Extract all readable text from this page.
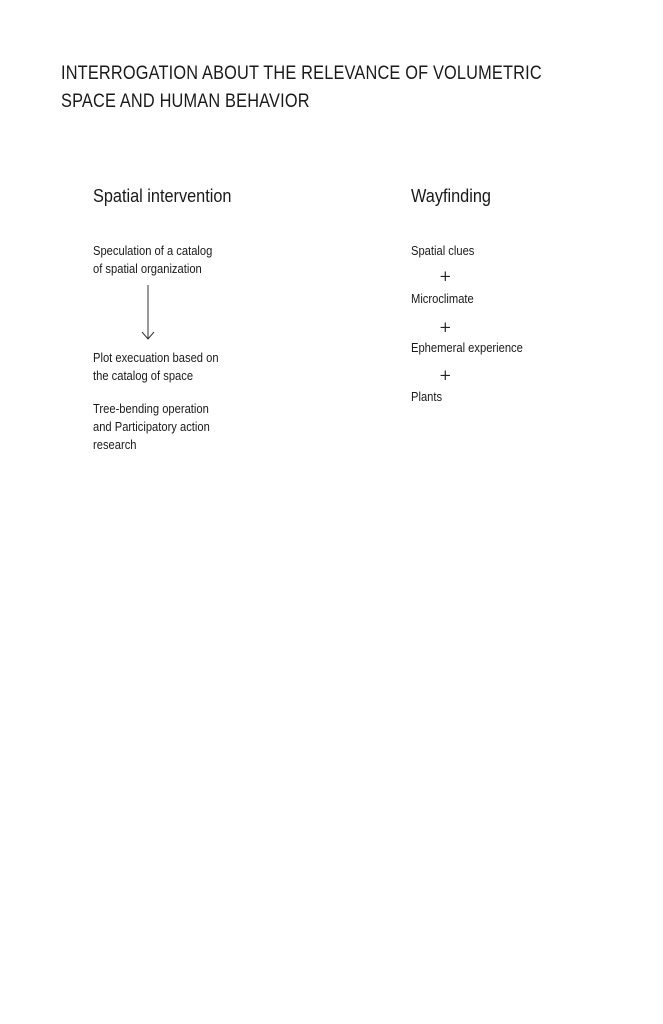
INTERROGATION ABOUT THE RELEVANCE OF VOLUMETRIC SPACE AND HUMAN BEHAVIOR
Spatial intervention
Speculation of a catalog
of spatial organization
Plot execuation based on
the catalog of space
Tree-bending operation
and Participatory action
research
Wayfinding
Spatial clues
+
Microclimate
+
Ephemeral experience
+
Plants
